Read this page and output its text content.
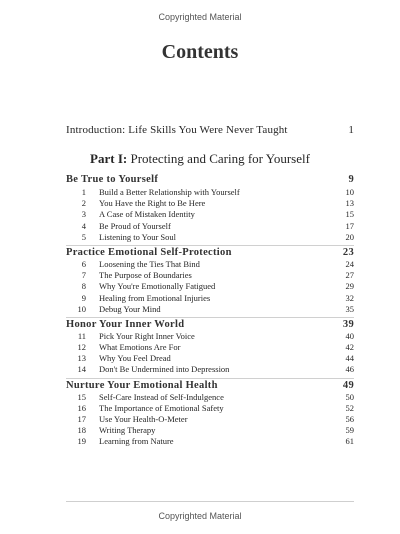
Copyrighted Material
Contents
Introduction: Life Skills You Were Never Taught	1
Part I: Protecting and Caring for Yourself
Be True to Yourself	9
1 Build a Better Relationship with Yourself	10
2 You Have the Right to Be Here	13
3 A Case of Mistaken Identity	15
4 Be Proud of Yourself	17
5 Listening to Your Soul	20
Practice Emotional Self-Protection	23
6 Loosening the Ties That Bind	24
7 The Purpose of Boundaries	27
8 Why You're Emotionally Fatigued	29
9 Healing from Emotional Injuries	32
10 Debug Your Mind	35
Honor Your Inner World	39
11 Pick Your Right Inner Voice	40
12 What Emotions Are For	42
13 Why You Feel Dread	44
14 Don't Be Undermined into Depression	46
Nurture Your Emotional Health	49
15 Self-Care Instead of Self-Indulgence	50
16 The Importance of Emotional Safety	52
17 Use Your Health-O-Meter	56
18 Writing Therapy	59
19 Learning from Nature	61
Copyrighted Material
